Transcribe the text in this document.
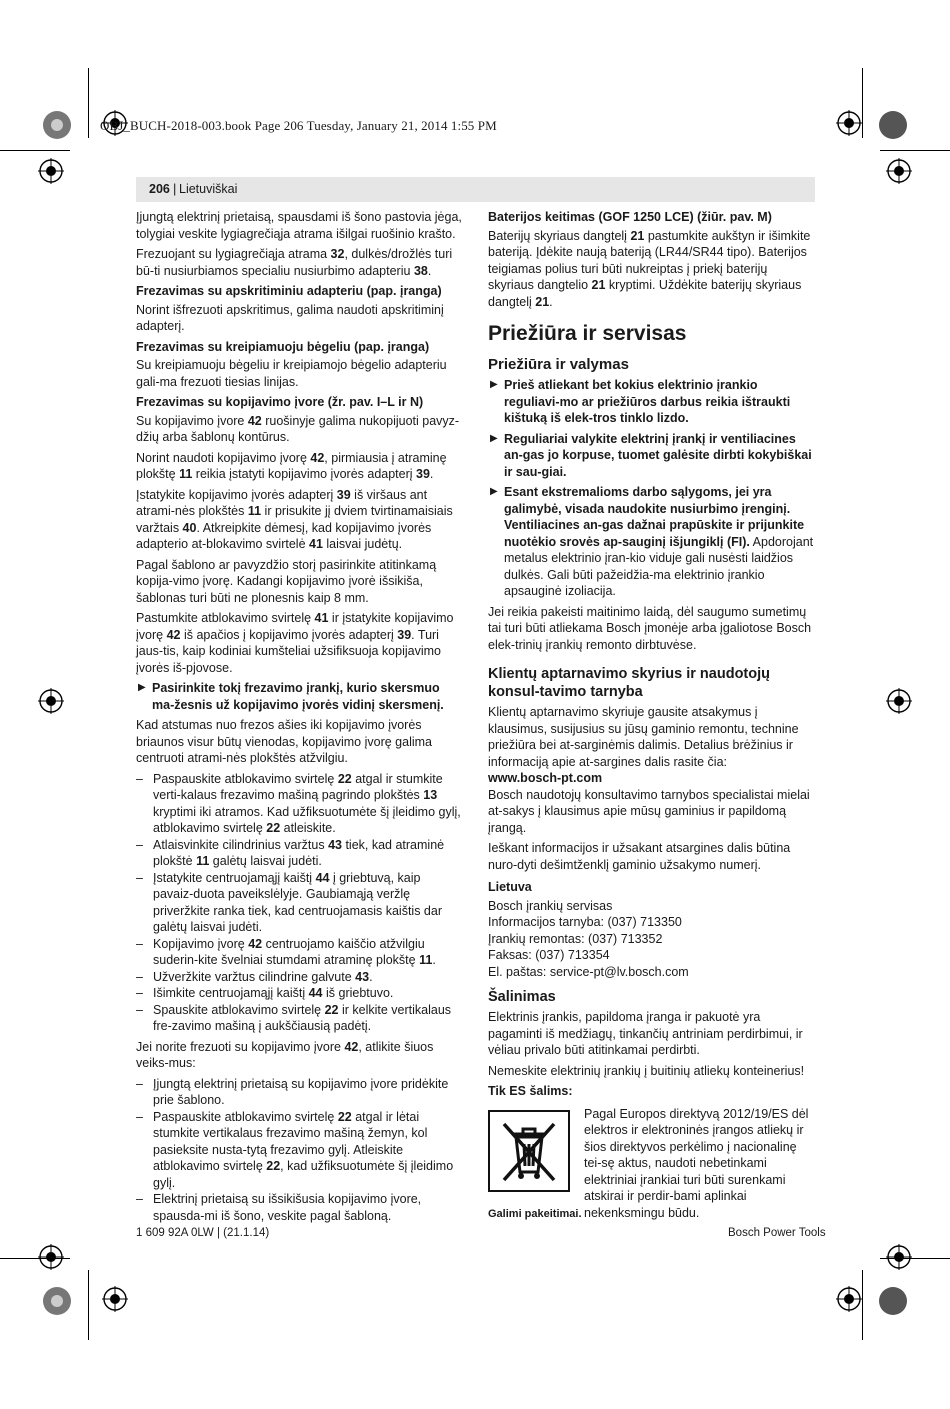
OBJ_BUCH-2018-003.book Page 206 Tuesday, January 21, 2014 1:55 PM
206 | Lietuviškai

Įjungtą elektrinį prietaisą, spausdami iš šono pastovia jėga, tolygiai veskite lygiagrečiąja atrama išilgai ruošinio krašto.

Frezuojant su lygiagrečiąja atrama 32, dulkės/drožlės turi bū-ti nusiurbiamos specialiu nusiurbimo adapteriu 38.

Frezavimas su apskritiminiu adapteriu (pap. įranga)

Norint išfrezuoti apskritimus, galima naudoti apskritiminį adapterį.

Frezavimas su kreipiamuoju bėgeliu (pap. įranga)

Su kreipiamuoju bėgeliu ir kreipiamojo bėgelio adapteriu gali-ma frezuoti tiesias linijas.

Frezavimas su kopijavimo įvore (žr. pav. I–L ir N)

Su kopijavimo įvore 42 ruošinyje galima nukopijuoti pavyz-džių arba šablonų kontūrus.

Norint naudoti kopijavimo įvorę 42, pirmiausia į atraminę plokštę 11 reikia įstatyti kopijavimo įvorės adapterį 39.

Įstatykite kopijavimo įvorės adapterį 39 iš viršaus ant atrami-nės plokštės 11 ir prisukite jį dviem tvirtinamaisiais varžtais 40. Atkreipkite dėmesį, kad kopijavimo įvorės adapterio at-blokavimo svirtelė 41 laisvai judėtų.

Pagal šablono ar pavyzdžio storį pasirinkite atitinkamą kopija-vimo įvorę. Kadangi kopijavimo įvorė išsikiša, šablonas turi būti ne plonesnis kaip 8 mm.

Pastumkite atblokavimo svirtelę 41 ir įstatykite kopijavimo įvorę 42 iš apačios į kopijavimo įvorės adapterį 39. Turi jaus-tis, kaip kodiniai kumšteliai užsifiksuoja kopijavimo įvorės iš-pjovose.

▶ Pasirinkite tokį frezavimo įrankį, kurio skersmuo ma-žesnis už kopijavimo įvorės vidinį skersmenį.

Kad atstumas nuo frezos ašies iki kopijavimo įvorės briaunos visur būtų vienodas, kopijavimo įvorę galima centruoti atrami-nės plokštės atžvilgiu.

– Paspauskite atblokavimo svirtelę 22 atgal ir stumkite verti-kalaus frezavimo mašiną pagrindo plokštės 13 kryptimi iki atramos. Kad užfiksuotumėte šį įleidimo gylį, atblokavimo svirtelę 22 atleiskite.
– Atlaisvinkite cilindrinius varžtus 43 tiek, kad atraminė plokštė 11 galėtų laisvai judėti.
– Įstatykite centruojamąjį kaištį 44 į griebtuvą, kaip pavaiz-duota paveikslėlyje. Gaubiamąją veržlę priveržkite ranka tiek, kad centruojamasis kaištis dar galėtų laisvai judėti.
– Kopijavimo įvorę 42 centruojamo kaiščio atžvilgiu suderin-kite švelniai stumdami atraminę plokštę 11.
– Užveržkite varžtus cilindrine galvute 43.
– Išimkite centruojamąjį kaištį 44 iš griebtuvo.
– Spauskite atblokavimo svirtelę 22 ir kelkite vertikalaus fre-zavimo mašiną į aukščiausią padėtį.

Jei norite frezuoti su kopijavimo įvore 42, atlikite šiuos veiks-mus:

– Įjungtą elektrinį prietaisą su kopijavimo įvore pridėkite prie šablono.
– Paspauskite atblokavimo svirtelę 22 atgal ir lėtai stumkite vertikalaus frezavimo mašiną žemyn, kol pasieksite nusta-tytą frezavimo gylį. Atleiskite atblokavimo svirtelę 22, kad užfiksuotumėte šį įleidimo gylį.
– Elektrinį prietaisą su išsikišusia kopijavimo įvore, spausda-mi iš šono, veskite pagal šabloną.
Baterijos keitimas (GOF 1250 LCE) (žiūr. pav. M)

Baterijų skyriaus dangtelį 21 pastumkite aukštyn ir išimkite bateriją. Įdėkite naują bateriją (LR44/SR44 tipo). Baterijos teigiamas polius turi būti nukreiptas į priekį baterijų skyriaus dangtelio 21 kryptimi. Uždėkite baterijų skyriaus dangtelį 21.

Priežiūra ir servisas
Priežiūra ir valymas
▶ Prieš atliekant bet kokius elektrinio įrankio reguliavi-mo ar priežiūros darbus reikia ištraukti kištuką iš elek-tros tinklo lizdo.
▶ Reguliariai valykite elektrinį įrankį ir ventiliacines an-gas jo korpuse, tuomet galėsite dirbti kokybiškai ir sau-giai.
▶ Esant ekstremalioms darbo sąlygoms, jei yra galimybė, visada naudokite nusiurbimo įrenginį. Ventiliacines an-gas dažnai prapūskite ir prijunkite nuotėkio srovės ap-sauginį išjungiklį (FI). Apdorojant metalus elektrinio įran-kio viduje gali nusėsti laidžios dulkės. Gali būti pažeidžia-ma elektrinio įrankio apsauginė izoliacija.

Jei reikia pakeisti maitinimo laidą, dėl saugumo sumetimų tai turi būti atliekama Bosch įmonėje arba įgaliotose Bosch elek-trinių įrankių remonto dirbtuvėse.

Klientų aptarnavimo skyrius ir naudotojų konsul-tavimo tarnyba

Klientų aptarnavimo skyriuje gausite atsakymus į klausimus, susijusius su jūsų gaminio remontu, technine priežiūra bei at-sarginėmis dalimis. Detalius brėžinius ir informaciją apie at-sargines dalis rasite čia:

www.bosch-pt.com

Bosch naudotojų konsultavimo tarnybos specialistai mielai at-sakys į klausimus apie mūsų gaminius ir papildomą įrangą.

Ieškant informacijos ir užsakant atsargines dalis būtina nuro-dyti dešimtženklį gaminio užsakymo numerį.

Lietuva
Bosch įrankių servisas
Informacijos tarnyba: (037) 713350
Įrankių remontas: (037) 713352
Faksas: (037) 713354
El. paštas: service-pt@lv.bosch.com
Šalinimas

Elektrinis įrankis, papildoma įranga ir pakuotė yra pagaminti iš medžiagų, tinkančių antriniam perdirbimui, ir vėliau privalo būti atitinkamai perdirbti.

Nemeskite elektrinių įrankių į buitinių atliekų konteinerius!

Tik ES šalims:
Pagal Europos direktyvą 2012/19/ES dėl elektros ir elektroninės įrangos atliekų ir šios direktyvos perkėlimo į nacionalinę tei-sę aktus, naudoti nebetinkami elektriniai įrankiai turi būti surenkami atskirai ir perdir-bami aplinkai nekenksmingu būdu.
Galimi pakeitimai.
1 609 92A 0LW | (21.1.14)	Bosch Power Tools
